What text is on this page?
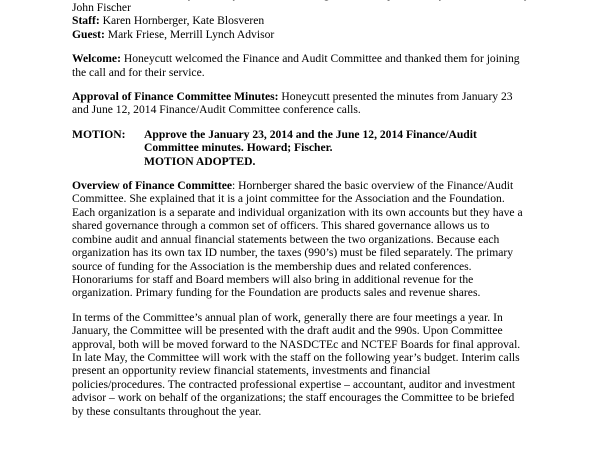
John Fischer
Staff: Karen Hornberger, Kate Blosveren
Guest: Mark Friese, Merrill Lynch Advisor
Welcome: Honeycutt welcomed the Finance and Audit Committee and thanked them for joining
the call and for their service.
Approval of Finance Committee Minutes: Honeycutt presented the minutes from January 23
and June 12, 2014 Finance/Audit Committee conference calls.
MOTION:	Approve the January 23, 2014 and the June 12, 2014 Finance/Audit
Committee minutes. Howard; Fischer.
MOTION ADOPTED.
Overview of Finance Committee: Hornberger shared the basic overview of the Finance/Audit
Committee. She explained that it is a joint committee for the Association and the Foundation.
Each organization is a separate and individual organization with its own accounts but they have a
shared governance through a common set of officers. This shared governance allows us to
combine audit and annual financial statements between the two organizations. Because each
organization has its own tax ID number, the taxes (990’s) must be filed separately. The primary
source of funding for the Association is the membership dues and related conferences.
Honorariums for staff and Board members will also bring in additional revenue for the
organization. Primary funding for the Foundation are products sales and revenue shares.
In terms of the Committee’s annual plan of work, generally there are four meetings a year. In
January, the Committee will be presented with the draft audit and the 990s. Upon Committee
approval, both will be moved forward to the NASDCTEc and NCTEF Boards for final approval.
In late May, the Committee will work with the staff on the following year’s budget. Interim calls
present an opportunity review financial statements, investments and financial
policies/procedures. The contracted professional expertise – accountant, auditor and investment
advisor – work on behalf of the organizations; the staff encourages the Committee to be briefed
by these consultants throughout the year.
